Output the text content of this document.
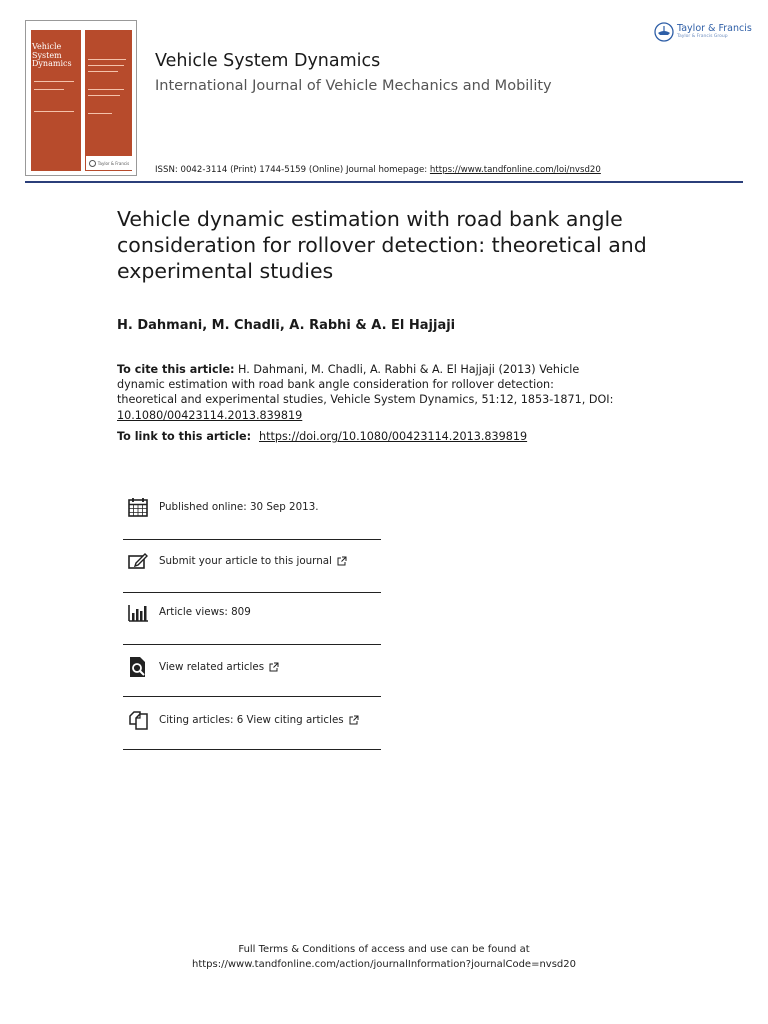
Vehicle System Dynamics
Taylor & Francis
Vehicle System Dynamics
International Journal of Vehicle Mechanics and Mobility
ISSN: 0042-3114 (Print) 1744-5159 (Online) Journal homepage: https://www.tandfonline.com/loi/nvsd20
Taylor & Francis
Taylor & Francis Group
Vehicle dynamic estimation with road bank angle consideration for rollover detection: theoretical and experimental studies
H. Dahmani, M. Chadli, A. Rabhi & A. El Hajjaji
To cite this article: H. Dahmani, M. Chadli, A. Rabhi & A. El Hajjaji (2013) Vehicle dynamic estimation with road bank angle consideration for rollover detection: theoretical and experimental studies, Vehicle System Dynamics, 51:12, 1853-1871, DOI: 10.1080/00423114.2013.839819
To link to this article: https://doi.org/10.1080/00423114.2013.839819
Published online: 30 Sep 2013.
Submit your article to this journal
Article views: 809
View related articles
Citing articles: 6 View citing articles
Full Terms & Conditions of access and use can be found at
https://www.tandfonline.com/action/journalInformation?journalCode=nvsd20
